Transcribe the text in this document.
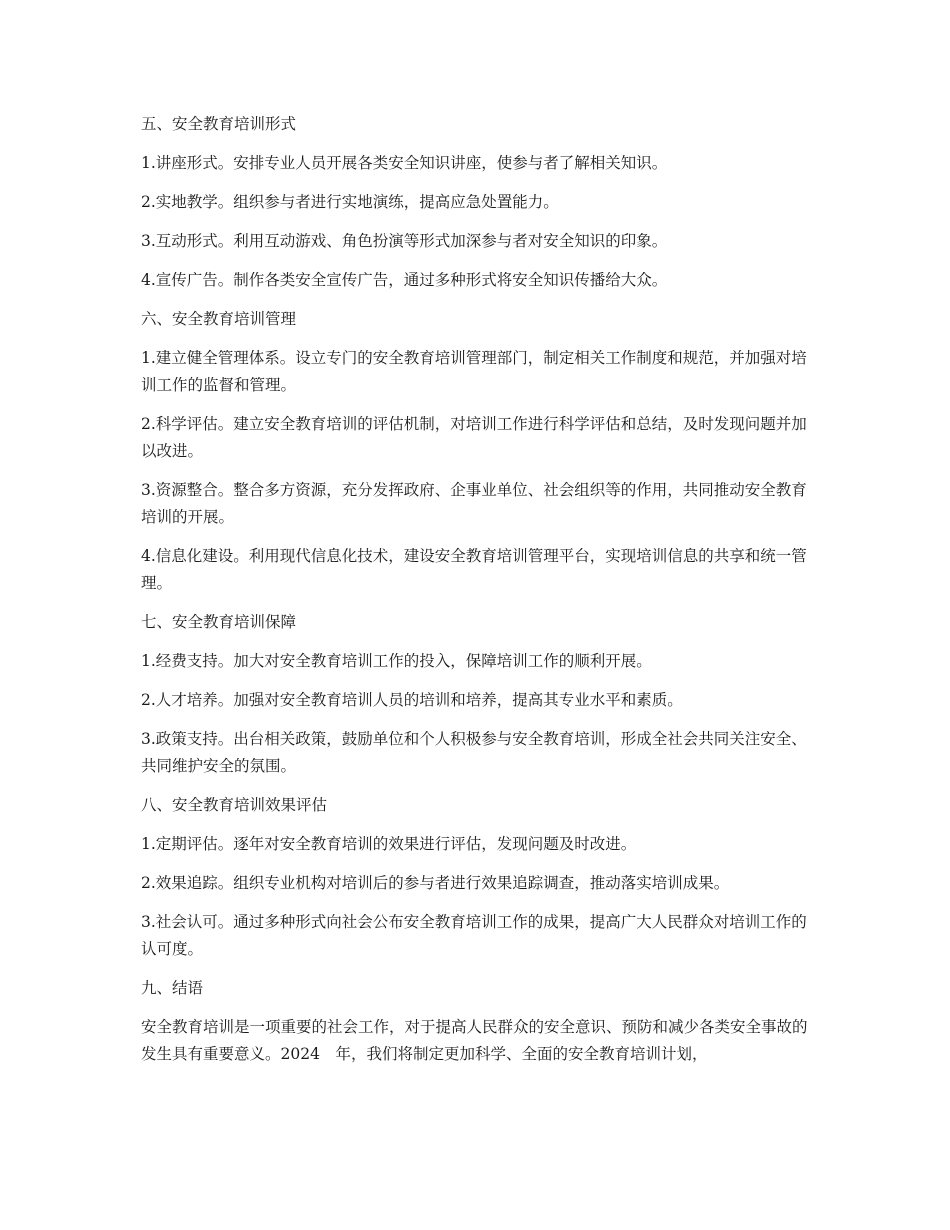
五、安全教育培训形式

1.讲座形式。安排专业人员开展各类安全知识讲座，使参与者了解相关知识。

2.实地教学。组织参与者进行实地演练，提高应急处置能力。

3.互动形式。利用互动游戏、角色扮演等形式加深参与者对安全知识的印象。

4.宣传广告。制作各类安全宣传广告，通过多种形式将安全知识传播给大众。

六、安全教育培训管理

1.建立健全管理体系。设立专门的安全教育培训管理部门，制定相关工作制度和规范，并加强对培训工作的监督和管理。

2.科学评估。建立安全教育培训的评估机制，对培训工作进行科学评估和总结，及时发现问题并加以改进。

3.资源整合。整合多方资源，充分发挥政府、企事业单位、社会组织等的作用，共同推动安全教育培训的开展。

4.信息化建设。利用现代信息化技术，建设安全教育培训管理平台，实现培训信息的共享和统一管理。

七、安全教育培训保障

1.经费支持。加大对安全教育培训工作的投入，保障培训工作的顺利开展。

2.人才培养。加强对安全教育培训人员的培训和培养，提高其专业水平和素质。

3.政策支持。出台相关政策，鼓励单位和个人积极参与安全教育培训，形成全社会共同关注安全、共同维护安全的氛围。

八、安全教育培训效果评估

1.定期评估。逐年对安全教育培训的效果进行评估，发现问题及时改进。

2.效果追踪。组织专业机构对培训后的参与者进行效果追踪调查，推动落实培训成果。

3.社会认可。通过多种形式向社会公布安全教育培训工作的成果，提高广大人民群众对培训工作的认可度。

九、结语

安全教育培训是一项重要的社会工作，对于提高人民群众的安全意识、预防和减少各类安全事故的发生具有重要意义。2024　年，我们将制定更加科学、全面的安全教育培训计划，
